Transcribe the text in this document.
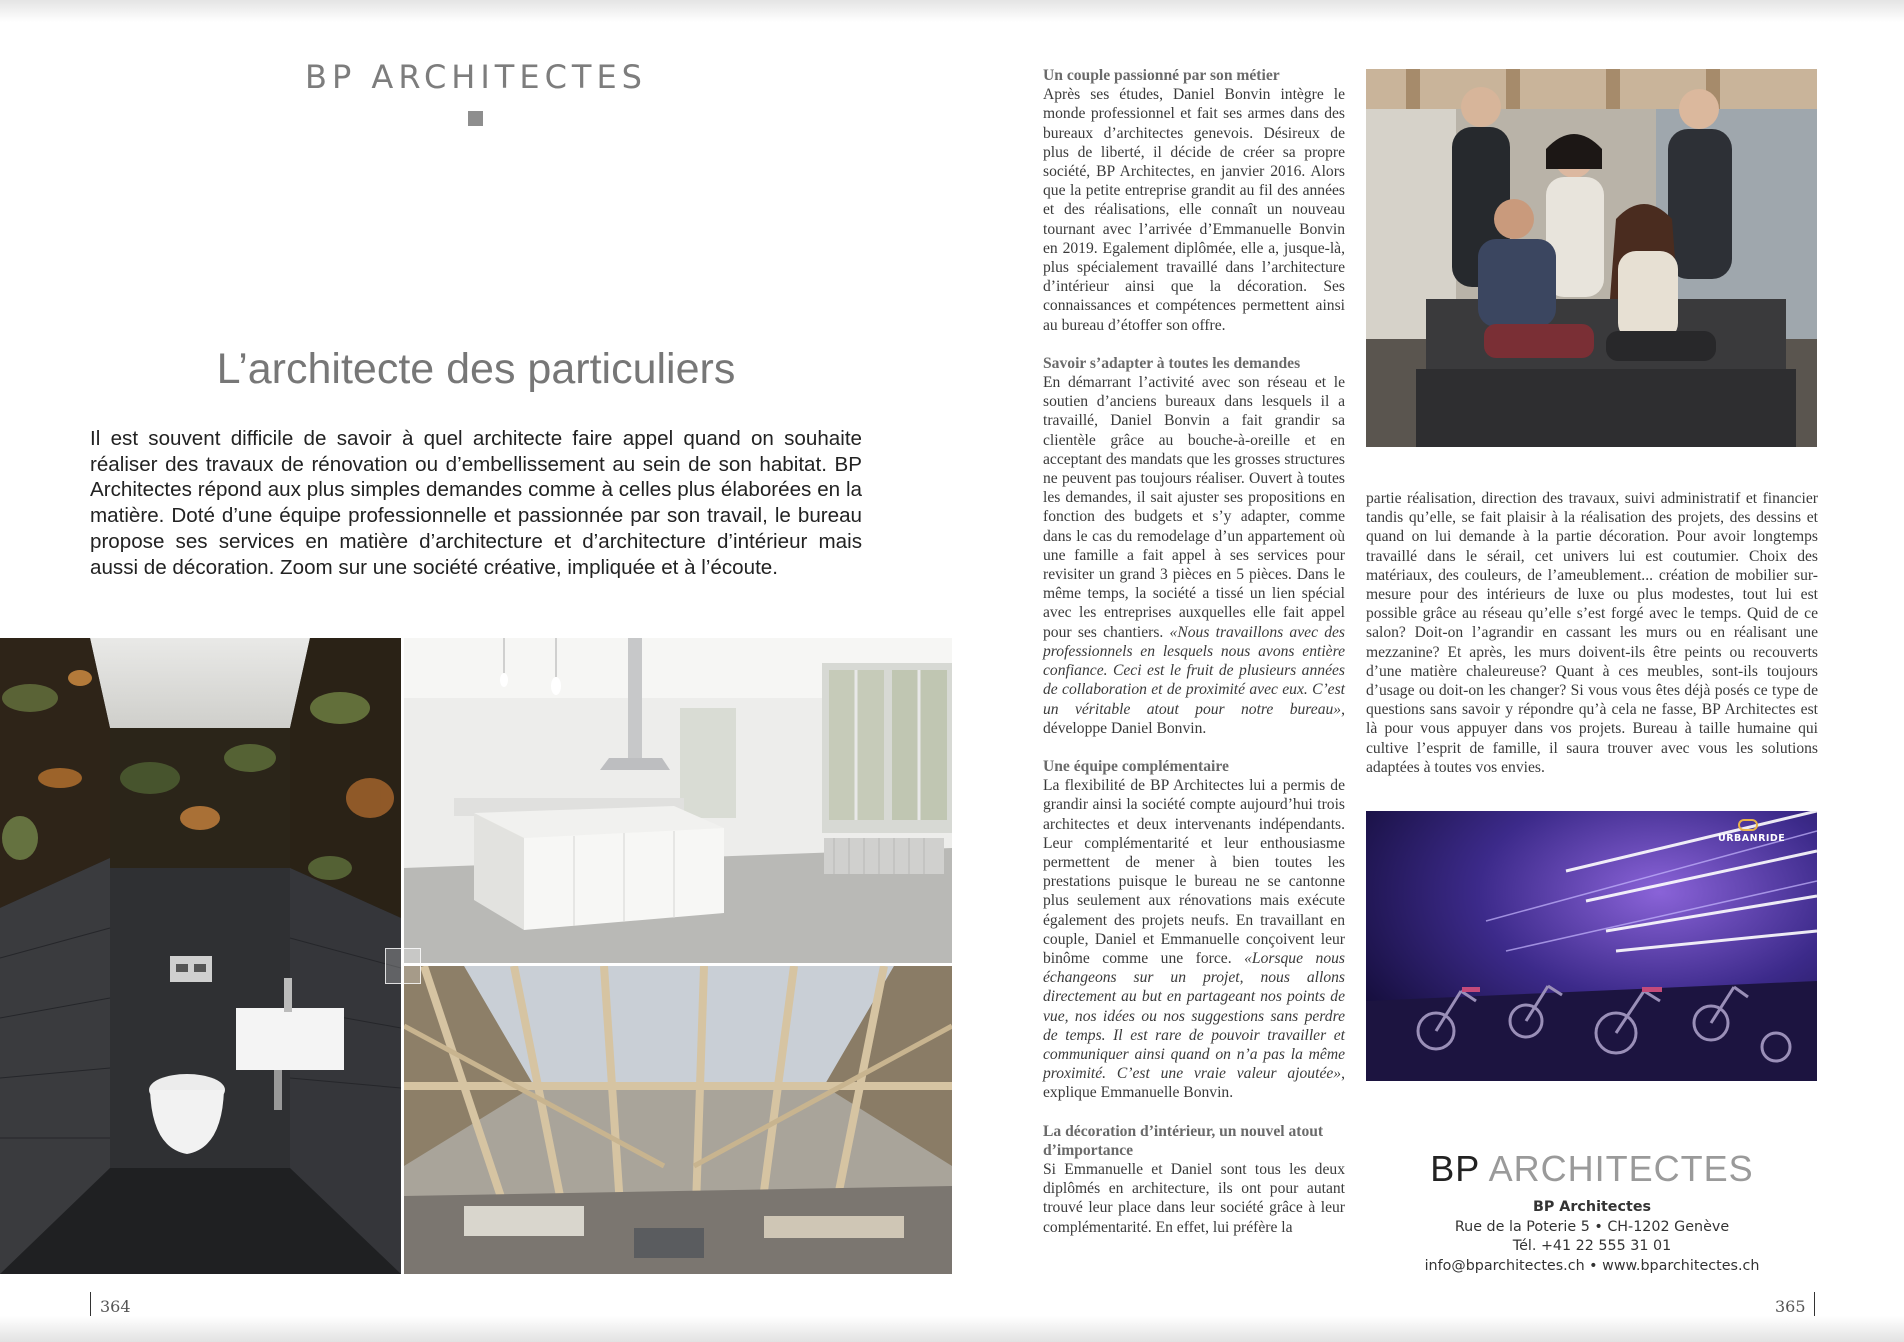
BP ARCHITECTES
L’architecte des particuliers
Il est souvent difficile de savoir à quel architecte faire appel quand on souhaite réaliser des travaux de rénovation ou d’embellissement au sein de son habitat. BP Architectes répond aux plus simples demandes comme à celles plus élaborées en la matière. Doté d’une équipe professionnelle et passionnée par son travail, le bureau propose ses services en matière d’architecture et d’architecture d’intérieur mais aussi de décoration. Zoom sur une société créative, impliquée et à l’écoute.

Un couple passionné par son métier

Après ses études, Daniel Bonvin intègre le monde professionnel et fait ses armes dans des bureaux d’architectes genevois. Désireux de plus de liberté, il décide de créer sa propre société, BP Architectes, en janvier 2016. Alors que la petite entreprise grandit au fil des années et des réalisations, elle connaît un nouveau tournant avec l’arrivée d’Emmanuelle Bonvin en 2019. Egalement diplômée, elle a, jusque-là, plus spécialement travaillé dans l’architecture d’intérieur ainsi que la décoration. Ses connaissances et compétences permettent ainsi au bureau d’étoffer son offre.

Savoir s’adapter à toutes les demandes

En démarrant l’activité avec son réseau et le soutien d’anciens bureaux dans lesquels il a travaillé, Daniel Bonvin a fait grandir sa clientèle grâce au bouche-à-oreille et en acceptant des mandats que les grosses structures ne peuvent pas toujours réaliser. Ouvert à toutes les demandes, il sait ajuster ses propositions en fonction des budgets et s’y adapter, comme dans le cas du remodelage d’un appartement où une famille a fait appel à ses services pour revisiter un grand 3 pièces en 5 pièces. Dans le même temps, la société a tissé un lien spécial avec les entreprises auxquelles elle fait appel pour ses chantiers. «Nous travaillons avec des professionnels en lesquels nous avons entière confiance. Ceci est le fruit de plusieurs années de collaboration et de proximité avec eux. C’est un véritable atout pour notre bureau», développe Daniel Bonvin.

Une équipe complémentaire

La flexibilité de BP Architectes lui a permis de grandir ainsi la société compte aujourd’hui trois architectes et deux intervenants indépendants. Leur complémentarité et leur enthousiasme permettent de mener à bien toutes les prestations puisque le bureau ne se cantonne plus seulement aux rénovations mais exécute également des projets neufs. En travaillant en couple, Daniel et Emmanuelle conçoivent leur binôme comme une force. «Lorsque nous échangeons sur un projet, nous allons directement au but en partageant nos points de vue, nos idées ou nos suggestions sans perdre de temps. Il est rare de pouvoir travailler et communiquer ainsi quand on n’a pas la même proximité. C’est une vraie valeur ajoutée», explique Emmanuelle Bonvin.

La décoration d’intérieur, un nouvel atout d’importance

Si Emmanuelle et Daniel sont tous les deux diplômés en architecture, ils ont pour autant trouvé leur place dans leur société grâce à leur complémentarité. En effet, lui préfère la

partie réalisation, direction des travaux, suivi administratif et financier tandis qu’elle, se fait plaisir à la réalisation des projets, des dessins et quand on lui demande à la partie décoration. Pour avoir longtemps travaillé dans le sérail, cet univers lui est coutumier. Choix des matériaux, des couleurs, de l’ameublement... création de mobilier sur-mesure pour des intérieurs de luxe ou plus modestes, tout lui est possible grâce au réseau qu’elle s’est forgé avec le temps. Quid de ce salon? Doit-on l’agrandir en cassant les murs ou en réalisant une mezzanine? Et après, les murs doivent-ils être peints ou recouverts d’une matière chaleureuse? Quant à ces meubles, sont-ils toujours d’usage ou doit-on les changer? Si vous vous êtes déjà posés ce type de questions sans savoir y répondre qu’à cela ne fasse, BP Architectes est là pour vous appuyer dans vos projets. Bureau à taille humaine qui cultive l’esprit de famille, il saura trouver avec vous les solutions adaptées à toutes vos envies.

URBANRIDE
BP ARCHITECTES
BP Architectes
Rue de la Poterie 5 • CH-1202 Genève
Tél. +41 22 555 31 01
info@bparchitectes.ch • www.bparchitectes.ch
364	365
